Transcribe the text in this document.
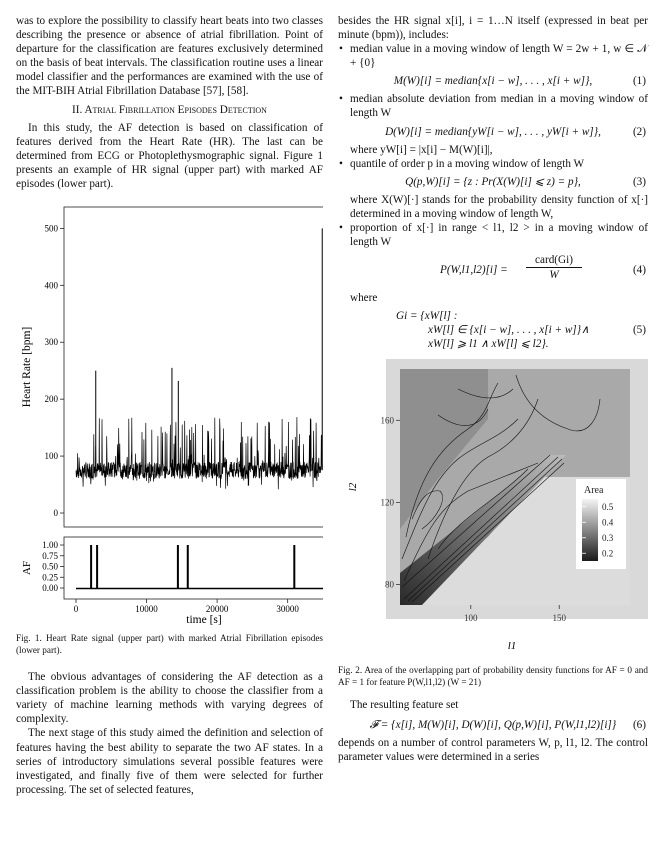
was to explore the possibility to classify heart beats into two classes describing the presence or absence of atrial fibrillation. Point of departure for the classification are features exclusively determined on the basis of beat intervals. The classification routine uses a linear model classifier and the performances are examined with the use of the MIT-BIH Atrial Fibrillation Database [57], [58].

II. Atrial Fibrillation Episodes Detection

In this study, the AF detection is based on classification of features derived from the Heart Rate (HR). The last can be determined from ECG or Photoplethysmographic signal. Figure 1 presents an example of HR signal (upper part) with marked AF episodes (lower part).

0
100
200
300
400
500
Heart Rate [bpm]
0.00
0.25
0.50
0.75
1.00
AF
0	10000	20000	30000
time [s]

Fig. 1. Heart Rate signal (upper part) with marked Atrial Fibrillation episodes (lower part).

The obvious advantages of considering the AF detection as a classification problem is the ability to choose the classifier from a variety of machine learning methods with varying degrees of complexity.

The next stage of this study aimed the definition and selection of features having the best ability to separate the two AF states. In a series of introductory simulations several possible features were investigated, and finally five of them were selected for further processing. The set of selected features,

besides the HR signal x[i], i = 1…N itself (expressed in beat per minute (bpm)), includes:

• median value in a moving window of length W = 2w + 1, w ∈ 𝒩 + {0}
M(W)[i] = median{x[i − w], . . . , x[i + w]},	(1)
• median absolute deviation from median in a moving window of length W
D(W)[i] = median{yW[i − w], . . . , yW[i + w]},	(2)

where yW[i] = |x[i] − M(W)[i]|,

• quantile of order p in a moving window of length W
Q(p,W)[i] = {z : Pr(X(W)[i] ⩽ z) = p},	(3)

where X(W)[·] stands for the probability density function of x[·] determined in a moving window of length W,

• proportion of x[·] in range < l1, l2 > in a moving window of length W
P(W,l1,l2)[i] =
card(Gi)
W	(4)

where

Gi = {xW[l] :
xW[l] ∈ {x[i − w], . . . , x[i + w]}∧
xW[l] ⩾ l1 ∧ xW[l] ⩽ l2}.
(5)
Area
0.5
0.4
0.3
0.2
80
120
160
100	150
l2
l1

Fig. 2. Area of the overlapping part of probability density functions for AF = 0 and AF = 1 for feature P(W,l1,l2) (W = 21)

The resulting feature set

𝓕 = {x[i], M(W)[i], D(W)[i], Q(p,W)[i], P(W,l1,l2)[i]} (6)

depends on a number of control parameters W, p, l1, l2. The control parameter values were determined in a series
